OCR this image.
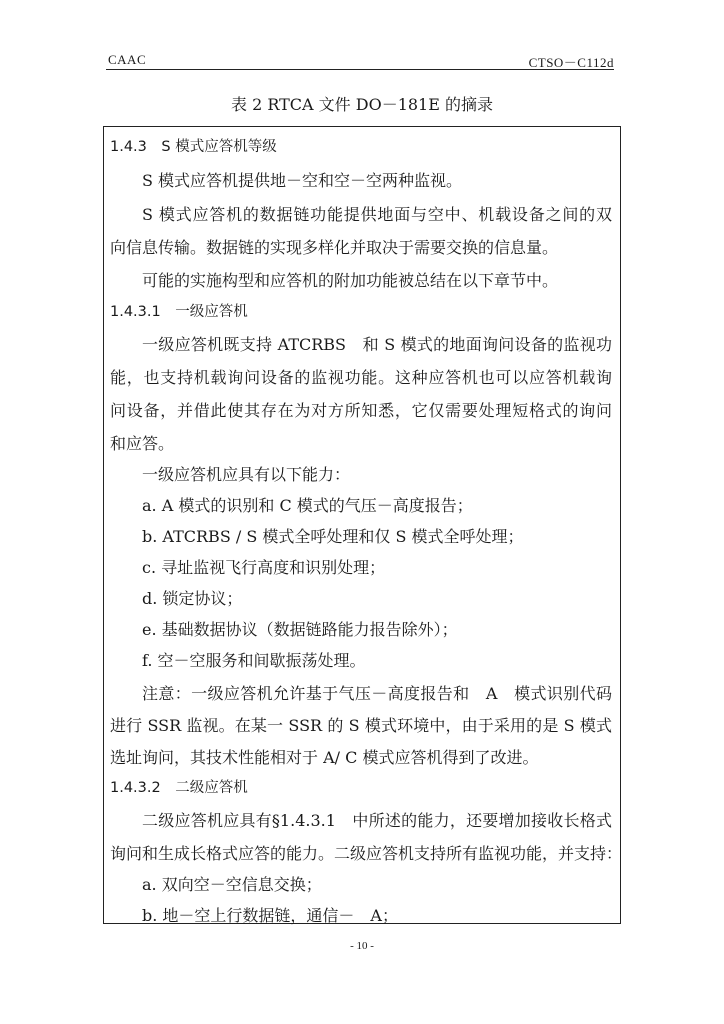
CAAC	CTSO－C112d
表 2 RTCA 文件 DO－181E 的摘录
1.4.3　S 模式应答机等级
S 模式应答机提供地－空和空－空两种监视。
S 模式应答机的数据链功能提供地面与空中、机载设备之间的双
向信息传输。数据链的实现多样化并取决于需要交换的信息量。
可能的实施构型和应答机的附加功能被总结在以下章节中。
1.4.3.1　一级应答机
一级应答机既支持 ATCRBS　和 S 模式的地面询问设备的监视功
能，也支持机载询问设备的监视功能。这种应答机也可以应答机载询
问设备，并借此使其存在为对方所知悉，它仅需要处理短格式的询问
和应答。
一级应答机应具有以下能力：
a. A 模式的识别和 C 模式的气压－高度报告；
b. ATCRBS / S 模式全呼处理和仅 S 模式全呼处理；
c. 寻址监视飞行高度和识别处理；
d. 锁定协议；
e. 基础数据协议（数据链路能力报告除外）；
f. 空－空服务和间歇振荡处理。
注意：一级应答机允许基于气压－高度报告和　A　模式识别代码
进行 SSR 监视。在某一 SSR 的 S 模式环境中，由于采用的是 S 模式
选址询问，其技术性能相对于 A/ C 模式应答机得到了改进。
1.4.3.2　二级应答机
二级应答机应具有§1.4.3.1　中所述的能力，还要增加接收长格式
询问和生成长格式应答的能力。二级应答机支持所有监视功能，并支持：
a. 双向空－空信息交换；
b. 地－空上行数据链，通信－　A；
- 10 -
